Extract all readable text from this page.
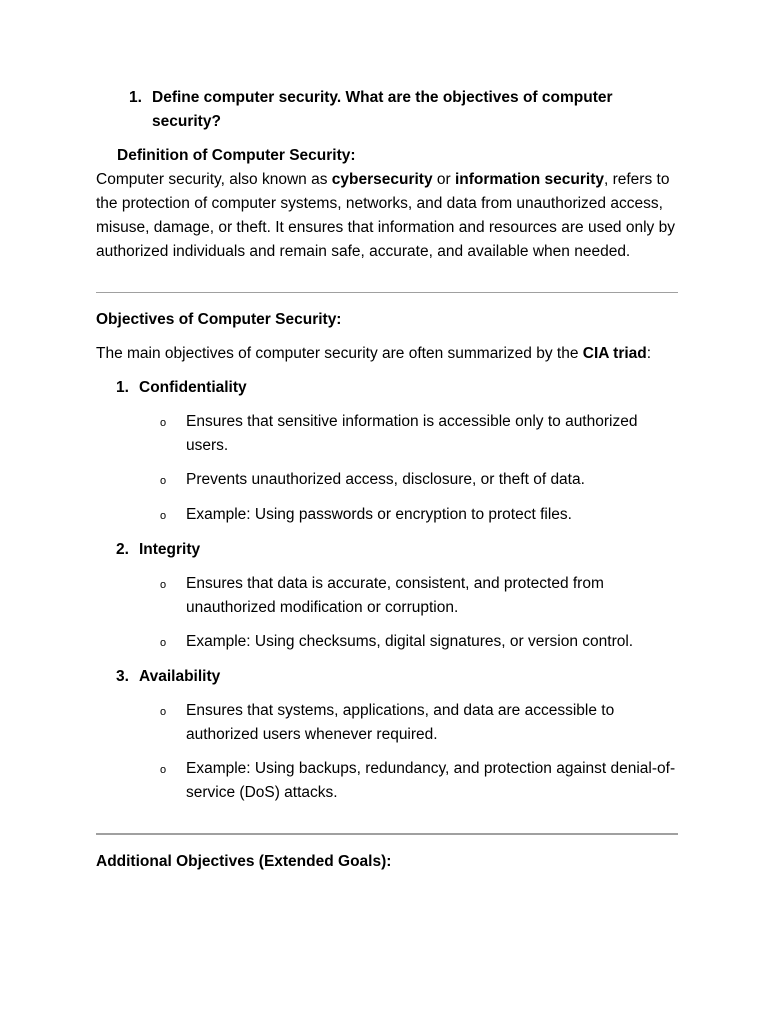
1. Define computer security. What are the objectives of computer security?
Definition of Computer Security:

Computer security, also known as cybersecurity or information security, refers to the protection of computer systems, networks, and data from unauthorized access, misuse, damage, or theft. It ensures that information and resources are used only by authorized individuals and remain safe, accurate, and available when needed.

Objectives of Computer Security:

The main objectives of computer security are often summarized by the CIA triad:

1. Confidentiality
o	Ensures that sensitive information is accessible only to authorized users.
o	Prevents unauthorized access, disclosure, or theft of data.
o	Example: Using passwords or encryption to protect files.
2. Integrity
o	Ensures that data is accurate, consistent, and protected from unauthorized modification or corruption.
o	Example: Using checksums, digital signatures, or version control.
3. Availability
o	Ensures that systems, applications, and data are accessible to authorized users whenever required.
o	Example: Using backups, redundancy, and protection against denial-of-service (DoS) attacks.
Additional Objectives (Extended Goals):
